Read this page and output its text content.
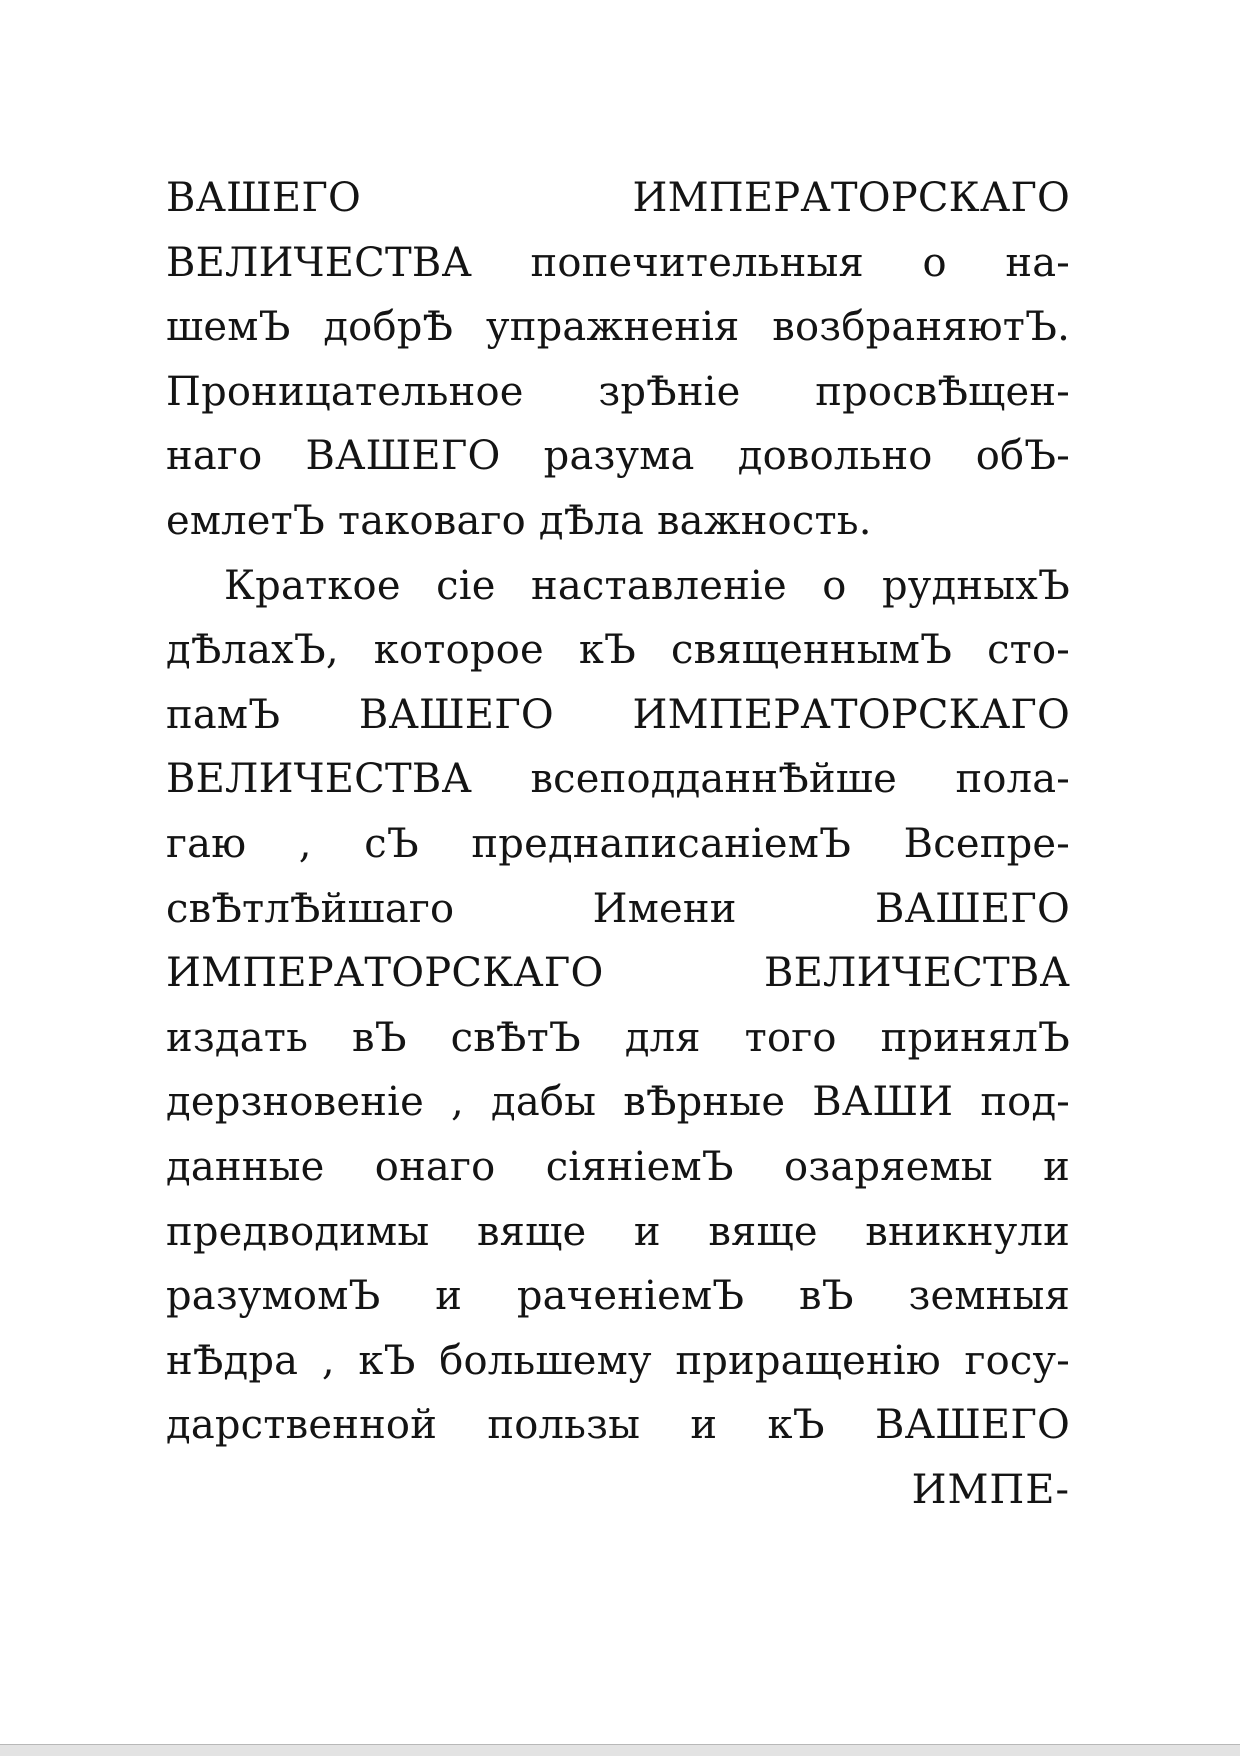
ВАШЕГО ИМПЕРАТОРСКАГО
ВЕЛИЧЕСТВА попечительныя о на-
шемЪ добрѢ упражненія возбраняютЪ.
Проницательное зрѢніе просвѢщен-
наго ВАШЕГО разума довольно обЪ-
емлетЪ таковаго дѢла важность.
Краткое сіе наставленіе о рудныхЪ
дѢлахЪ, которое кЪ священнымЪ сто-
памЪ ВАШЕГО ИМПЕРАТОРСКАГО
ВЕЛИЧЕСТВА всеподданнѢйше пола-
гаю , сЪ преднаписаніемЪ Всепре-
свѢтлѢйшаго Имени ВАШЕГО
ИМПЕРАТОРСКАГО ВЕЛИЧЕСТВА
издать вЪ свѢтЪ для того принялЪ
дерзновеніе , дабы вѢрные ВАШИ под-
данные онаго сіяніемЪ озаряемы и
предводимы вяще и вяще вникнули
разумомЪ и раченіемЪ вЪ земныя
нѢдра , кЪ большему приращенію госу-
дарственной пользы и кЪ ВАШЕГО
ИМПЕ-
